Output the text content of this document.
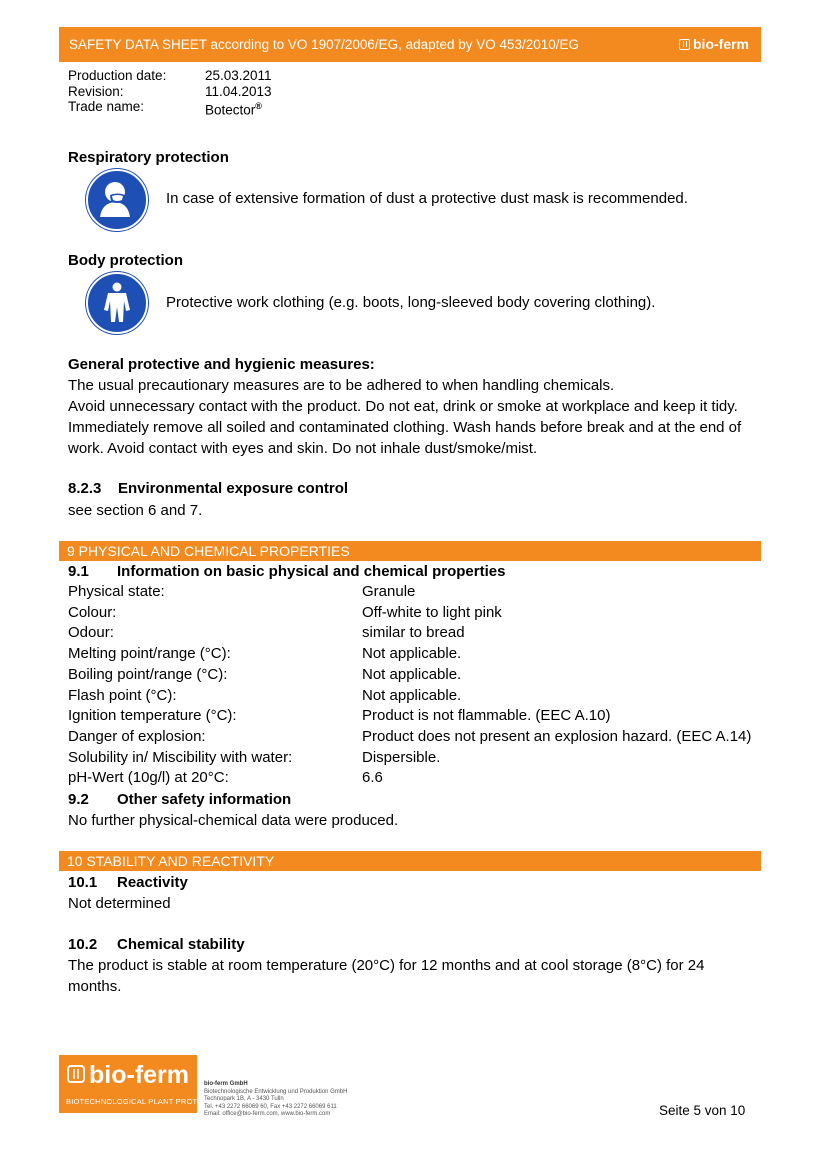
SAFETY DATA SHEET according to VO 1907/2006/EG, adapted by VO 453/2010/EG	bio-ferm
Production date:
Revision:
Trade name:
25.03.2011
11.04.2013
Botector®
Respiratory protection
In case of extensive formation of dust a protective dust mask is recommended.
Body protection
Protective work clothing (e.g. boots, long-sleeved body covering clothing).
General protective and hygienic measures:
The usual precautionary measures are to be adhered to when handling chemicals.
Avoid unnecessary contact with the product. Do not eat, drink or smoke at workplace and keep it tidy.
Immediately remove all soiled and contaminated clothing. Wash hands before break and at the end of
work. Avoid contact with eyes and skin. Do not inhale dust/smoke/mist.
8.2.3 Environmental exposure control
see section 6 and 7.
9 PHYSICAL AND CHEMICAL PROPERTIES
9.1 Information on basic physical and chemical properties
Physical state:
Colour:
Odour:
Melting point/range (°C):
Boiling point/range (°C):
Flash point (°C):
Ignition temperature (°C):
Danger of explosion:
Solubility in/ Miscibility with water:
pH-Wert (10g/l) at 20°C:
Granule
Off-white to light pink
similar to bread
Not applicable.
Not applicable.
Not applicable.
Product is not flammable. (EEC A.10)
Product does not present an explosion hazard. (EEC A.14)
Dispersible.
6.6
9.2 Other safety information
No further physical-chemical data were produced.
10 STABILITY AND REACTIVITY
10.1 Reactivity
Not determined
10.2 Chemical stability
The product is stable at room temperature (20°C) for 12 months and at cool storage (8°C) for 24
months.
bio-ferm
BIOTECHNOLOGICAL PLANT PROTECTION
bio-ferm GmbH
Biotechnologische Entwicklung und Produktion GmbH
Technopark 1B, A - 3430 Tulln
Tel. +43 2272 66069 60, Fax +43 2272 66069 611
Email: office@bio-ferm.com, www.bio-ferm.com	Seite 5 von 10
